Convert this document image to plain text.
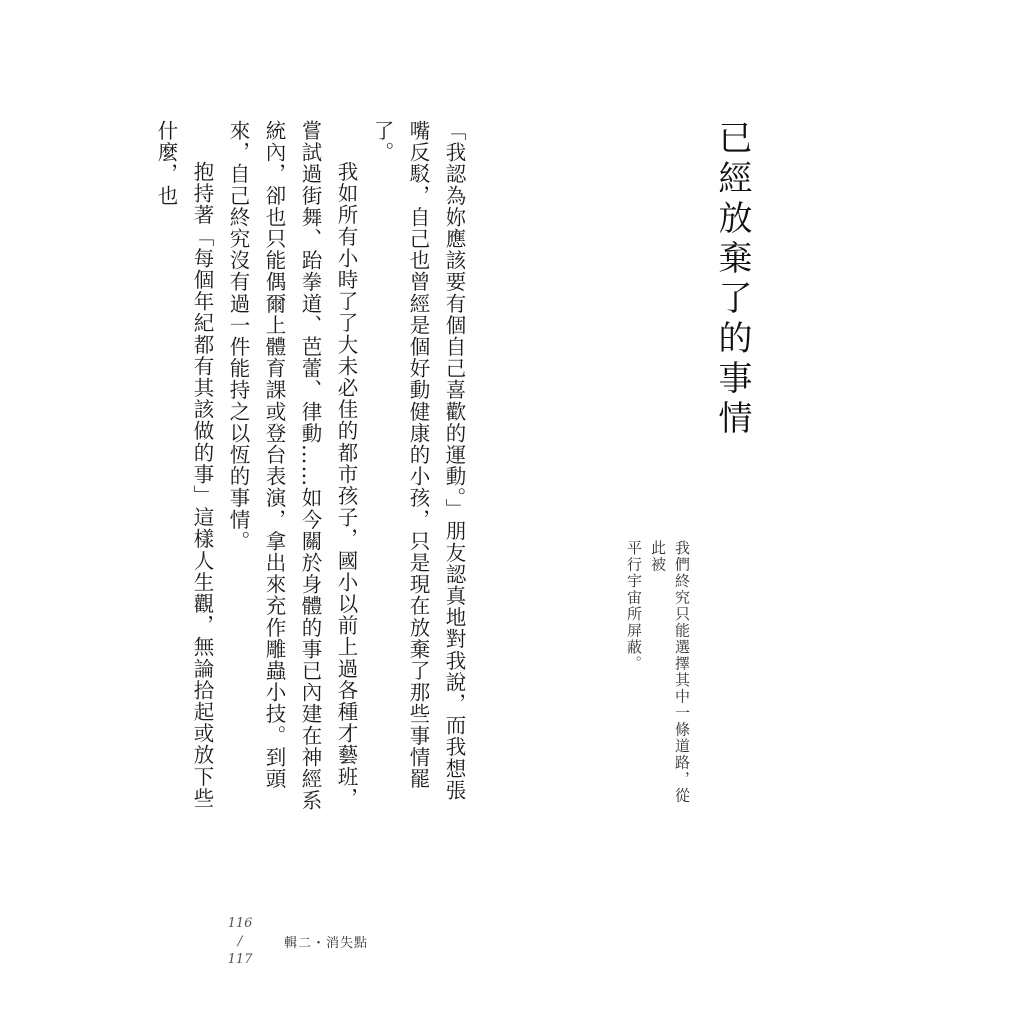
已經放棄了的事情
我們終究只能選擇其中一條道路，從此被
平行宇宙所屏蔽。

「我認為妳應該要有個自己喜歡的運動。」朋友認真地對我說，而我想張嘴反駁，自己也曾經是個好動健康的小孩，只是現在放棄了那些事情罷了。

我如所有小時了了大未必佳的都市孩子，國小以前上過各種才藝班，嘗試過街舞、跆拳道、芭蕾、律動……如今關於身體的事已內建在神經系統內，卻也只能偶爾上體育課或登台表演，拿出來充作雕蟲小技。到頭來，自己終究沒有過一件能持之以恆的事情。

抱持著「每個年紀都有其該做的事」這樣人生觀，無論拾起或放下些什麼，也

116
/
117
輯二・消失點
